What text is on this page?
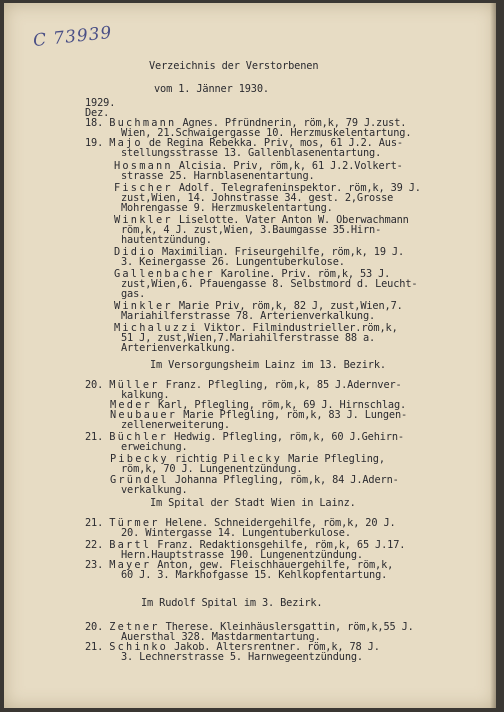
C 73939
Verzeichnis der Verstorbenen
vom 1. Jänner 1930.
1929.
Dez.
18. Buchmann Agnes. Pfründnerin, röm,k, 79 J.zust.
Wien, 21.Schwaigergasse 10. Herzmuskelentartung.
19. Majo de Regina Rebekka. Priv, mos, 61 J.2. Aus-
stellungsstrasse 13. Gallenblasenentartung.
Hosmann Alcisia. Priv, röm,k, 61 J.2.Volkert-
strasse 25. Harnblasenentartung.
Fischer Adolf. Telegrafeninspektor. röm,k, 39 J.
zust,Wien, 14. Johnstrasse 34. gest. 2,Grosse
Mohrengasse 9. Herzmuskelentartung.
Winkler Liselotte. Vater Anton W. Oberwachmann
röm,k, 4 J. zust,Wien, 3.Baumgasse 35.Hirn-
hautentzündung.
Didio Maximilian. Friseurgehilfe, röm,k, 19 J.
3. Keinergasse 26. Lungentuberkulose.
Gallenbacher Karoline. Priv. röm,k, 53 J.
zust,Wien,6. Pfauengasse 8. Selbstmord d. Leucht-
gas.
Winkler Marie Priv, röm,k, 82 J, zust,Wien,7.
Mariahilferstrasse 78. Arterienverkalkung.
Michaluzzi Viktor. Filmindustrieller.röm,k,
51 J, zust,Wien,7.Mariahilferstrasse 88 a.
Arterienverkalkung.
Im Versorgungsheim Lainz im 13. Bezirk.
20. Müller Franz. Pflegling, röm,k, 85 J.Adernver-
kalkung.
Meder Karl, Pflegling, röm,k, 69 J. Hirnschlag.
Neubauer Marie Pflegling, röm,k, 83 J. Lungen-
zellenerweiterung.
21. Büchler Hedwig. Pflegling, röm,k, 60 J.Gehirn-
erweichung.
Pibecky richtig Pilecky Marie Pflegling,
röm,k, 70 J. Lungenentzündung.
Gründel Johanna Pflegling, röm,k, 84 J.Adern-
verkalkung.
Im Spital der Stadt Wien in Lainz.
21. Türmer Helene. Schneidergehilfe, röm,k, 20 J.
20. Wintergasse 14. Lungentuberkulose.
22. Bartl Franz. Redaktionsgehilfe, röm,k, 65 J.17.
Hern.Hauptstrasse 190. Lungenentzündung.
23. Mayer Anton, gew. Fleischhauergehilfe, röm,k,
60 J. 3. Markhofgasse 15. Kehlkopfentartung.
Im Rudolf Spital im 3. Bezirk.
20. Zetner Therese. Kleinhäuslersgattin, röm,k,55 J.
Auersthal 328. Mastdarmentartung.
21. Schinko Jakob. Altersrentner. röm,k, 78 J.
3. Lechnerstrasse 5. Harnwegeentzündung.
